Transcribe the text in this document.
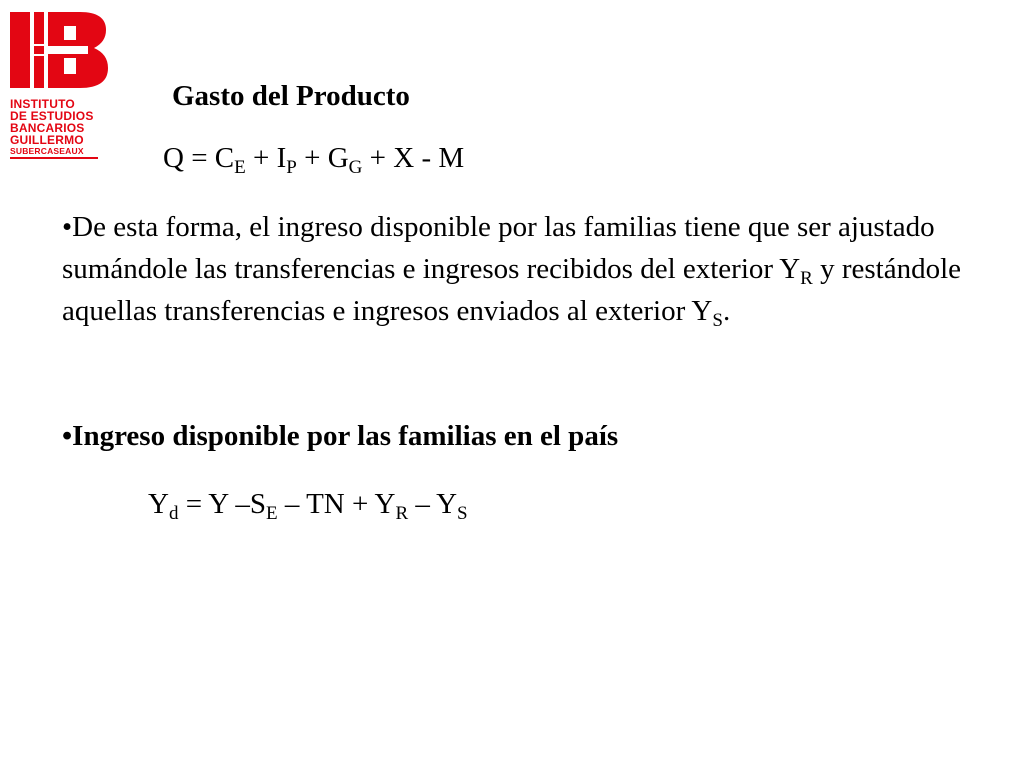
INSTITUTO
DE ESTUDIOS
BANCARIOS
GUILLERMO
SUBERCASEAUX
Gasto del Producto
$Q = C_E + I_P + G_G + X - M$
•De esta forma, el ingreso disponible por las familias tiene que ser ajustado sumándole las transferencias e ingresos recibidos del exterior $Y_R$ y restándole aquellas transferencias e ingresos enviados al exterior $Y_S$.
•Ingreso disponible por las familias en el país
$Y_d = Y$ $-S_E$ – TN + $Y_R - Y_S$
